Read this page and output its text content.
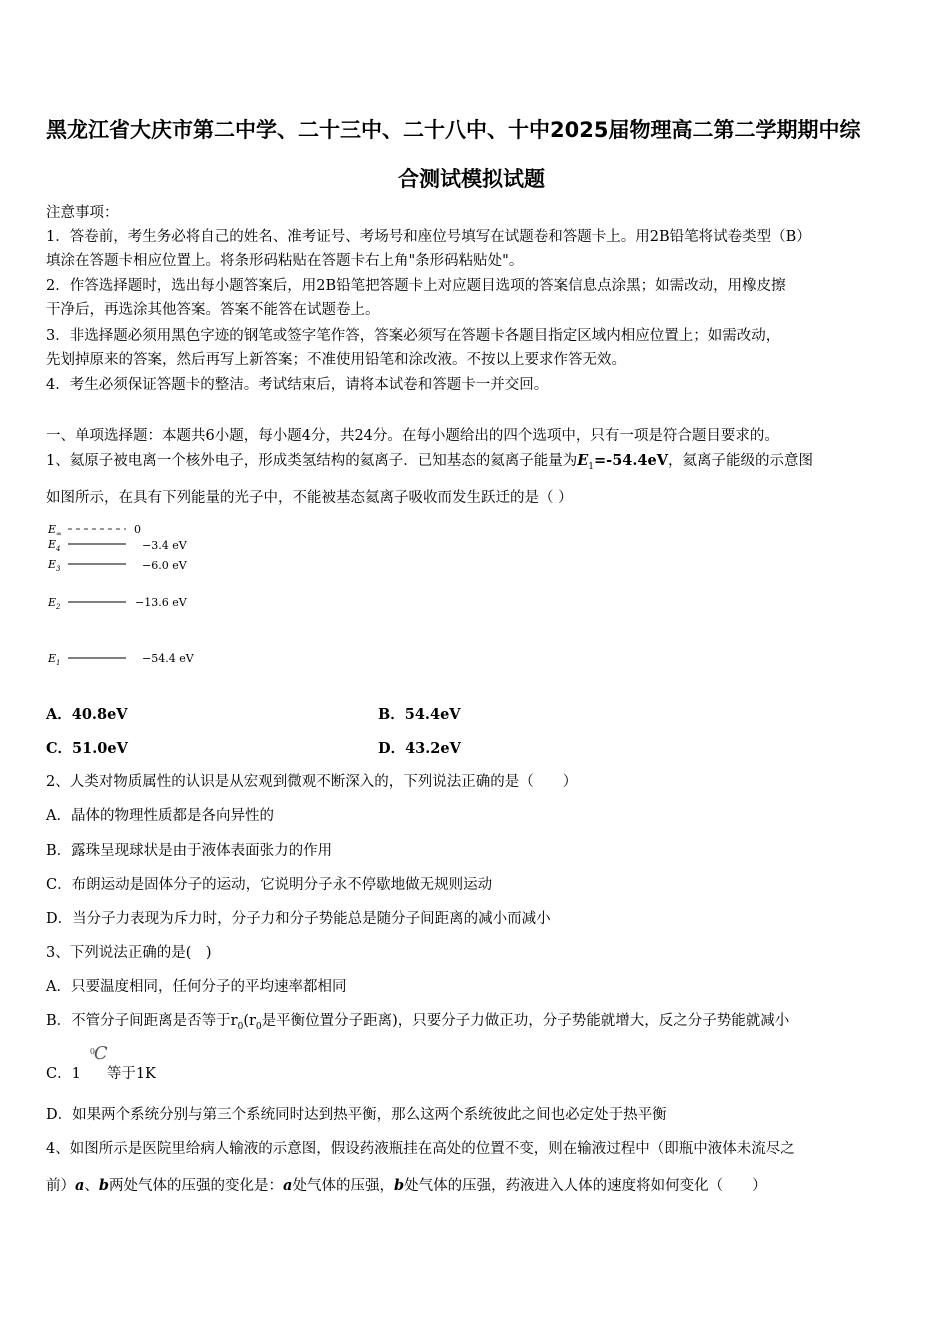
黑龙江省大庆市第二中学、二十三中、二十八中、十中2025届物理高二第二学期期中综
合测试模拟试题
注意事项：
1．答卷前，考生务必将自己的姓名、准考证号、考场号和座位号填写在试题卷和答题卡上。用2B铅笔将试卷类型（B）
填涂在答题卡相应位置上。将条形码粘贴在答题卡右上角"条形码粘贴处"。
2．作答选择题时，选出每小题答案后，用2B铅笔把答题卡上对应题目选项的答案信息点涂黑；如需改动，用橡皮擦
干净后，再选涂其他答案。答案不能答在试题卷上。
3．非选择题必须用黑色字迹的钢笔或签字笔作答，答案必须写在答题卡各题目指定区域内相应位置上；如需改动，
先划掉原来的答案，然后再写上新答案；不准使用铅笔和涂改液。不按以上要求作答无效。
4．考生必须保证答题卡的整洁。考试结束后，请将本试卷和答题卡一并交回。
一、单项选择题：本题共6小题，每小题4分，共24分。在每小题给出的四个选项中，只有一项是符合题目要求的。
1、氦原子被电离一个核外电子，形成类氢结构的氦离子．已知基态的氦离子能量为$E_1=-54.4eV$，氦离子能级的示意图
如图所示，在具有下列能量的光子中，不能被基态氦离子吸收而发生跃迁的是（ ）
$E_\infty$
$E_4$
$E_3$
$E_2$
$E_1$
0
−3.4 eV
−6.0 eV
−13.6 eV
−54.4 eV
A．40.8eV	B．54.4eV
C．51.0eV	D．43.2eV
2、人类对物质属性的认识是从宏观到微观不断深入的，下列说法正确的是（　　）
A．晶体的物理性质都是各向异性的
B．露珠呈现球状是由于液体表面张力的作用
C．布朗运动是固体分子的运动，它说明分子永不停歇地做无规则运动
D．当分子力表现为斥力时，分子力和分子势能总是随分子间距离的减小而减小
3、下列说法正确的是(　)
A．只要温度相同，任何分子的平均速率都相同
B．不管分子间距离是否等于$r_0(r_0$是平衡位置分子距离)，只要分子力做正功，分子势能就增大，反之分子势能就减小
C．1
0
C
等于1K
D．如果两个系统分别与第三个系统同时达到热平衡，那么这两个系统彼此之间也必定处于热平衡
4、如图所示是医院里给病人输液的示意图，假设药液瓶挂在高处的位置不变，则在输液过程中（即瓶中液体未流尽之
前）a、b两处气体的压强的变化是：a处气体的压强，b处气体的压强，药液进入人体的速度将如何变化（　　）
